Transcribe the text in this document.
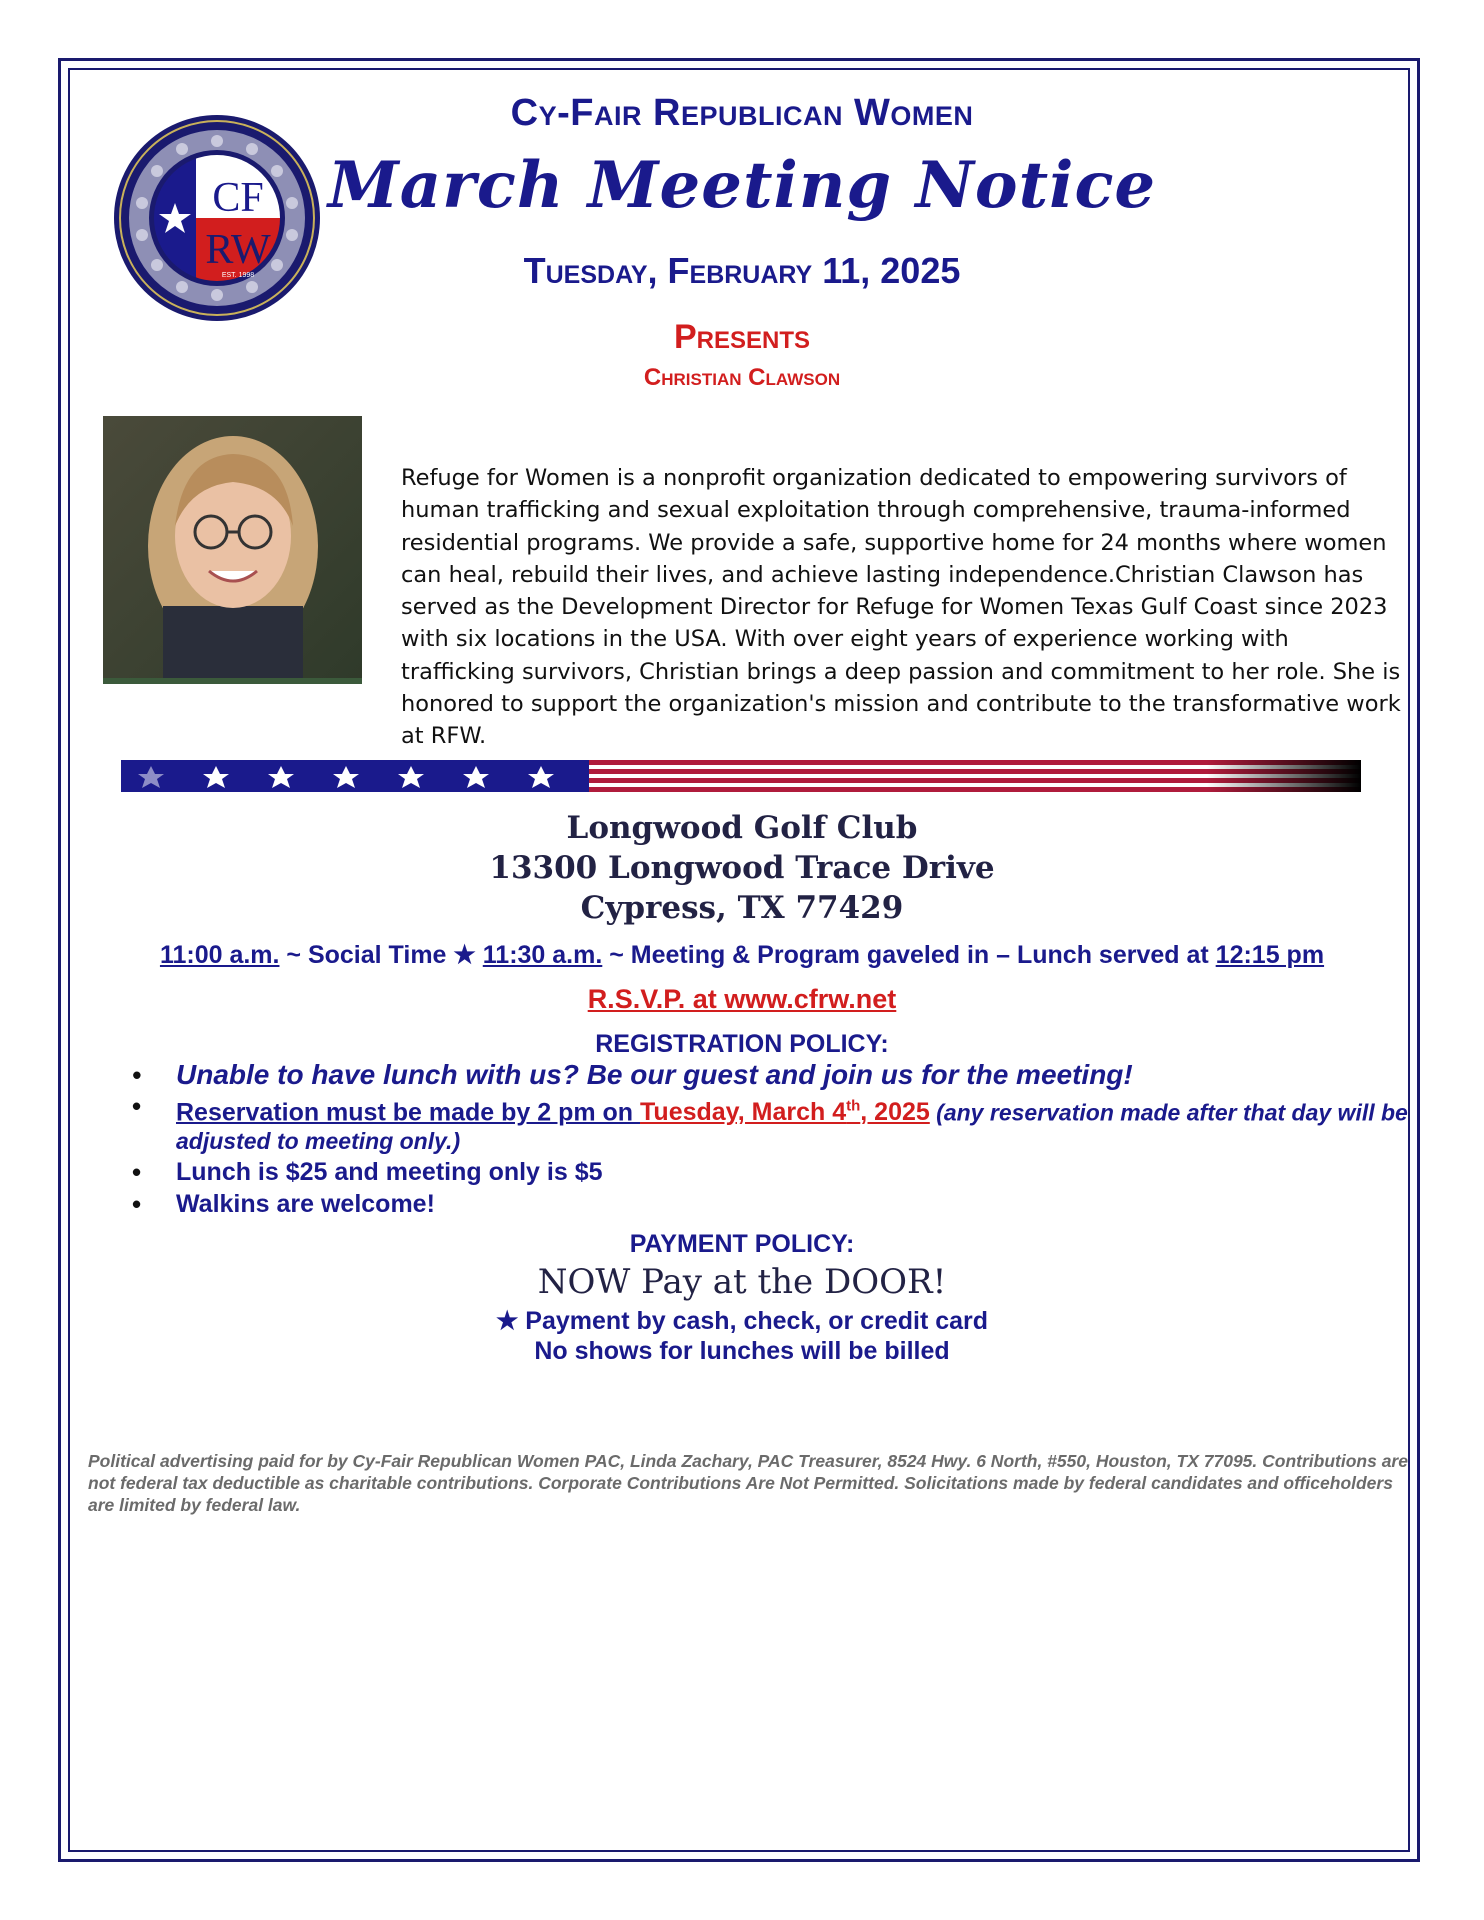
CF
RW
EST. 1998
Cy-Fair Republican Women
March Meeting Notice
Tuesday, February 11, 2025
Presents
Christian Clawson
Refuge for Women is a nonprofit organization dedicated to empowering survivors of human trafficking and sexual exploitation through comprehensive, trauma-informed residential programs. We provide a safe, supportive home for 24 months where women can heal, rebuild their lives, and achieve lasting independence.Christian Clawson has served as the Development Director for Refuge for Women Texas Gulf Coast since 2023 with six locations in the USA. With over eight years of experience working with trafficking survivors, Christian brings a deep passion and commitment to her role. She is honored to support the organization's mission and contribute to the transformative work at RFW.
Longwood Golf Club
13300 Longwood Trace Drive
Cypress, TX 77429
11:00 a.m. ~ Social Time ★ 11:30 a.m. ~ Meeting & Program gaveled in – Lunch served at 12:15 pm
R.S.V.P. at www.cfrw.net
REGISTRATION POLICY:
• Unable to have lunch with us? Be our guest and join us for the meeting!
• Reservation must be made by 2 pm on Tuesday, March 4th, 2025 (any reservation made after that day will be adjusted to meeting only.)
• Lunch is $25 and meeting only is $5
• Walkins are welcome!
PAYMENT POLICY:
NOW Pay at the DOOR!
★ Payment by cash, check, or credit card
No shows for lunches will be billed
Political advertising paid for by Cy-Fair Republican Women PAC, Linda Zachary, PAC Treasurer, 8524 Hwy. 6 North, #550, Houston, TX 77095. Contributions are not federal tax deductible as charitable contributions. Corporate Contributions Are Not Permitted. Solicitations made by federal candidates and officeholders are limited by federal law.
